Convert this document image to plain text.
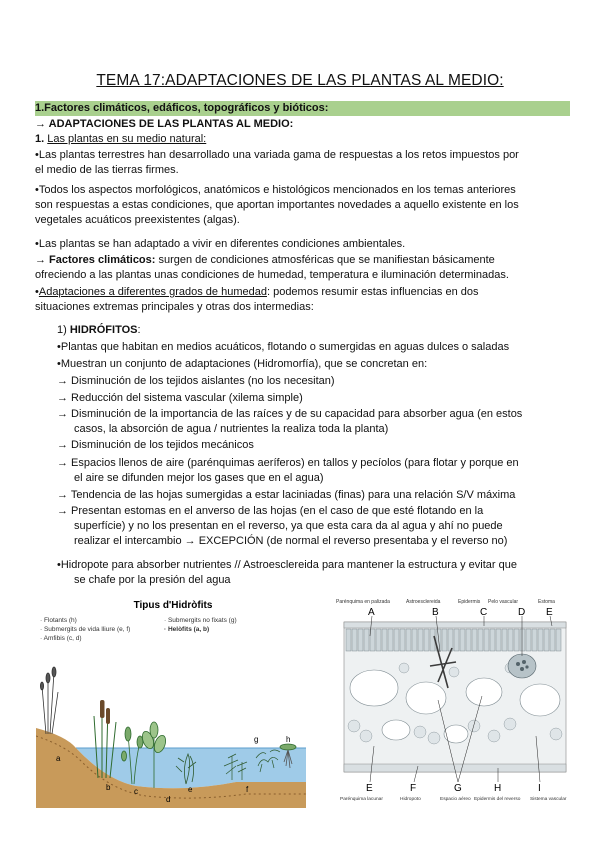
TEMA 17:ADAPTACIONES DE LAS PLANTAS AL MEDIO:
1.Factores climáticos, edáficos, topográficos y bióticos:
→ ADAPTACIONES DE LAS PLANTAS AL MEDIO:
1. Las plantas en su medio natural:
•Las plantas terrestres han desarrollado una variada gama de respuestas a los retos impuestos por
el medio de las tierras firmes.
•Todos los aspectos morfológicos, anatómicos e histológicos mencionados en los temas anteriores
son respuestas a estas condiciones, que aportan importantes novedades a aquello existente en los
vegetales acuáticos preexistentes (algas).
•Las plantas se han adaptado a vivir en diferentes condiciones ambientales.
→ Factores climáticos: surgen de condiciones atmosféricas que se manifiestan básicamente
ofreciendo a las plantas unas condiciones de humedad, temperatura e iluminación determinadas.
•Adaptaciones a diferentes grados de humedad: podemos resumir estas influencias en dos
situaciones extremas principales y otras dos intermedias:
1) HIDRÓFITOS:
•Plantas que habitan en medios acuáticos, flotando o sumergidas en aguas dulces o saladas
•Muestran un conjunto de adaptaciones (Hidromorfía), que se concretan en:
→ Disminución de los tejidos aislantes (no los necesitan)
→ Reducción del sistema vascular (xilema simple)
→ Disminución de la importancia de las raíces y de su capacidad para absorber agua (en estos
casos, la absorción de agua / nutrientes la realiza toda la planta)
→ Disminución de los tejidos mecánicos
→ Espacios llenos de aire (parénquimas aeríferos) en tallos y pecíolos (para flotar y porque en
el aire se difunden mejor los gases que en el agua)
→ Tendencia de las hojas sumergidas a estar laciniadas (finas) para una relación S/V máxima
→ Presentan estomas en el anverso de las hojas (en el caso de que esté flotando en la
superfície) y no los presentan en el reverso, ya que esta cara da al agua y ahí no puede
realizar el intercambio → EXCEPCIÓN (de normal el reverso presentaba y el reverso no)
•Hidropote para absorber nutrientes // Astroesclereida para mantener la estructura y evitar que
se chafe por la presión del agua
Tipus d'Hidròfits
· Flotants (h)
· Submergits de vida lliure (e, f)
· Amfibis (c, d)
· Submergits no fixats (g)
· Helòfits (a, b)
a
b	c
d
e	f
g	h
Parénquima en palizada	Astroesclereida	Epidermis Pelo vascular	Estoma
A	B	C	D E
E	F	G	H	I
Parénquima lacunar	Hidropoto	Espacio aéreo Epidermis del reverso Sistema vascular
